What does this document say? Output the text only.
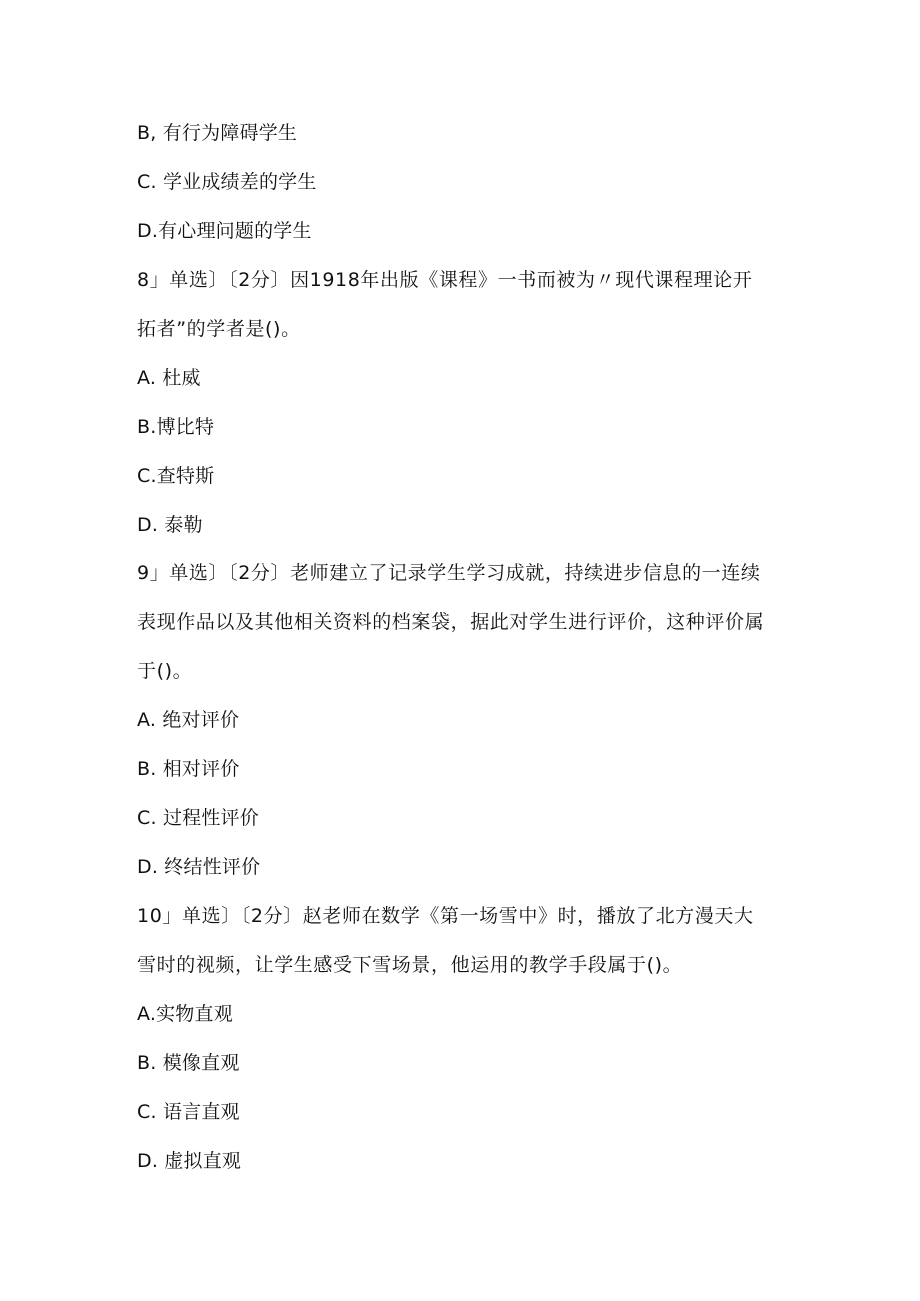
B, 有行为障碍学生
C. 学业成绩差的学生
D.有心理问题的学生
8」单选〕〔2分〕因1918年出版《课程》一书而被为〃现代课程理论开
拓者”的学者是()。
A. 杜威
B.博比特
C.查特斯
D. 泰勒
9」单选〕〔2分〕老师建立了记录学生学习成就，持续进步信息的一连续
表现作品以及其他相关资料的档案袋，据此对学生进行评价，这种评价属
于()。
A. 绝对评价
B. 相对评价
C. 过程性评价
D. 终结性评价
10」单选〕〔2分〕赵老师在数学《第一场雪中》时，播放了北方漫天大
雪时的视频，让学生感受下雪场景，他运用的教学手段属于()。
A.实物直观
B. 模像直观
C. 语言直观
D. 虚拟直观
